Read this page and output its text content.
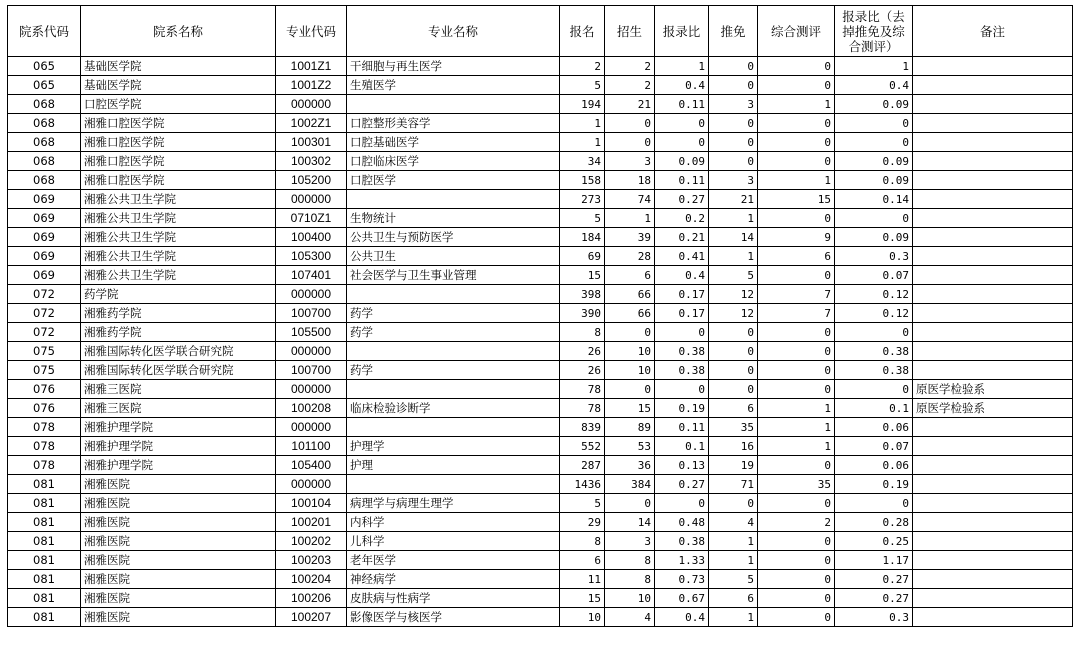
院系代码	院系名称	专业代码	专业名称	报名	招生	报录比	推免	综合测评	报录比（去掉推免及综合测评）	备注
065	基础医学院	1001Z1	干细胞与再生医学	2	2	1	0	0	1	
065	基础医学院	1001Z2	生殖医学	5	2	0.4	0	0	0.4	
068	口腔医学院	000000		194	21	0.11	3	1	0.09	
068	湘雅口腔医学院	1002Z1	口腔整形美容学	1	0	0	0	0	0	
068	湘雅口腔医学院	100301	口腔基础医学	1	0	0	0	0	0	
068	湘雅口腔医学院	100302	口腔临床医学	34	3	0.09	0	0	0.09	
068	湘雅口腔医学院	105200	口腔医学	158	18	0.11	3	1	0.09	
069	湘雅公共卫生学院	000000		273	74	0.27	21	15	0.14	
069	湘雅公共卫生学院	0710Z1	生物统计	5	1	0.2	1	0	0	
069	湘雅公共卫生学院	100400	公共卫生与预防医学	184	39	0.21	14	9	0.09	
069	湘雅公共卫生学院	105300	公共卫生	69	28	0.41	1	6	0.3	
069	湘雅公共卫生学院	107401	社会医学与卫生事业管理	15	6	0.4	5	0	0.07	
072	药学院	000000		398	66	0.17	12	7	0.12	
072	湘雅药学院	100700	药学	390	66	0.17	12	7	0.12	
072	湘雅药学院	105500	药学	8	0	0	0	0	0	
075	湘雅国际转化医学联合研究院	000000		26	10	0.38	0	0	0.38	
075	湘雅国际转化医学联合研究院	100700	药学	26	10	0.38	0	0	0.38	
076	湘雅三医院	000000		78	0	0	0	0	0	原医学检验系
076	湘雅三医院	100208	临床检验诊断学	78	15	0.19	6	1	0.1	原医学检验系
078	湘雅护理学院	000000		839	89	0.11	35	1	0.06	
078	湘雅护理学院	101100	护理学	552	53	0.1	16	1	0.07	
078	湘雅护理学院	105400	护理	287	36	0.13	19	0	0.06	
081	湘雅医院	000000		1436	384	0.27	71	35	0.19	
081	湘雅医院	100104	病理学与病理生理学	5	0	0	0	0	0	
081	湘雅医院	100201	内科学	29	14	0.48	4	2	0.28	
081	湘雅医院	100202	儿科学	8	3	0.38	1	0	0.25	
081	湘雅医院	100203	老年医学	6	8	1.33	1	0	1.17	
081	湘雅医院	100204	神经病学	11	8	0.73	5	0	0.27	
081	湘雅医院	100206	皮肤病与性病学	15	10	0.67	6	0	0.27	
081	湘雅医院	100207	影像医学与核医学	10	4	0.4	1	0	0.3	
